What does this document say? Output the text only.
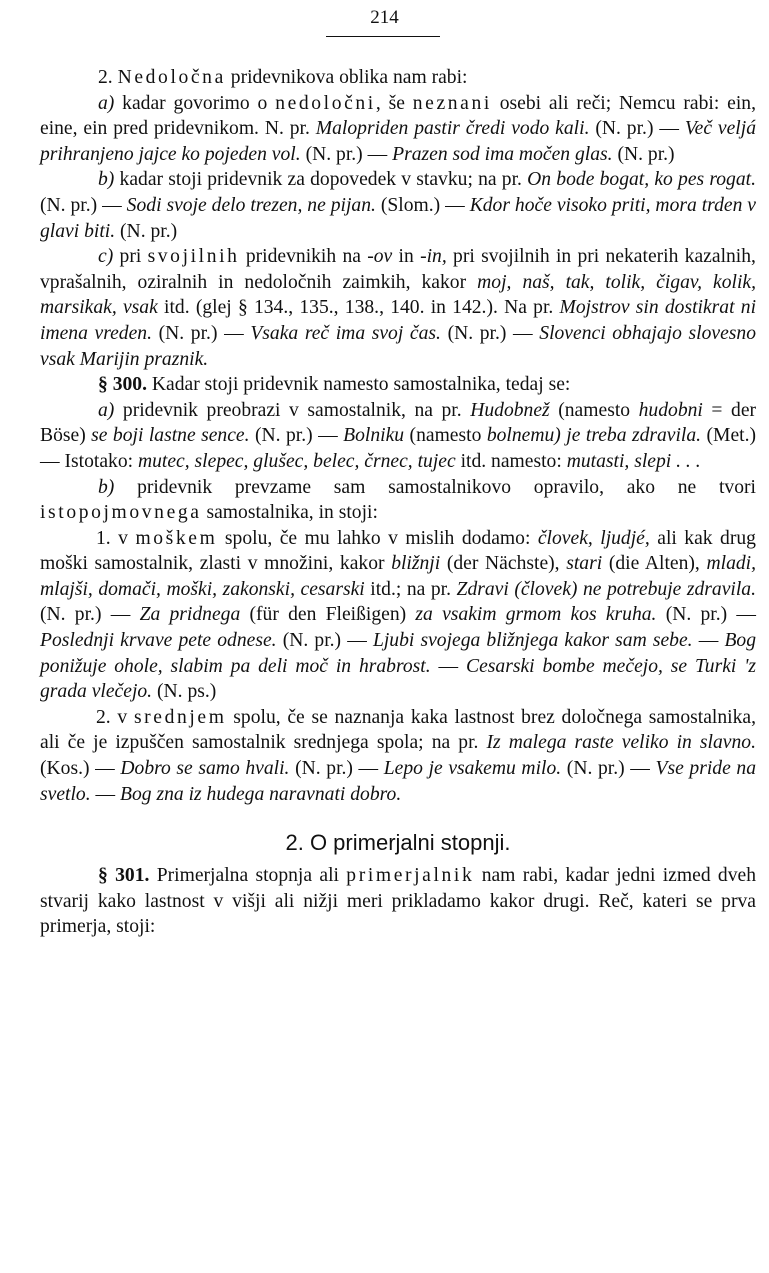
214

2. Nedoločna pridevnikova oblika nam rabi:

a) kadar govorimo o nedoločni, še neznani osebi ali reči; Nemcu rabi: ein, eine, ein pred pridevnikom. N. pr. Malopriden pastir čredi vodo kali. (N. pr.) — Več veljá prihranjeno jajce ko pojeden vol. (N. pr.) — Prazen sod ima močen glas. (N. pr.)

b) kadar stoji pridevnik za dopovedek v stavku; na pr. On bode bogat, ko pes rogat. (N. pr.) — Sodi svoje delo trezen, ne pijan. (Slom.) — Kdor hoče visoko priti, mora trden v glavi biti. (N. pr.)

c) pri svojilnih pridevnikih na -ov in -in, pri svojilnih in pri nekaterih kazalnih, vprašalnih, oziralnih in nedoločnih zaimkih, kakor moj, naš, tak, tolik, čigav, kolik, marsikak, vsak itd. (glej § 134., 135., 138., 140. in 142.). Na pr. Mojstrov sin dostikrat ni imena vreden. (N. pr.) — Vsaka reč ima svoj čas. (N. pr.) — Slovenci obhajajo slovesno vsak Marijin praznik.

§ 300. Kadar stoji pridevnik namesto samostalnika, tedaj se:

a) pridevnik preobrazi v samostalnik, na pr. Hudobnež (namesto hudobni = der Böse) se boji lastne sence. (N. pr.) — Bolniku (namesto bolnemu) je treba zdravila. (Met.) — Istotako: mutec, slepec, glušec, belec, črnec, tujec itd. namesto: mutasti, slepi . . .

b) pridevnik prevzame sam samostalnikovo opravilo, ako ne tvori istopojmovnega samostalnika, in stoji:

1. v moškem spolu, če mu lahko v mislih dodamo: človek, ljudjé, ali kak drug moški samostalnik, zlasti v množini, kakor bližnji (der Nächste), stari (die Alten), mladi, mlajši, domači, moški, zakonski, cesarski itd.; na pr. Zdravi (človek) ne potrebuje zdravila. (N. pr.) — Za pridnega (für den Fleißigen) za vsakim grmom kos kruha. (N. pr.) — Poslednji krvave pete odnese. (N. pr.) — Ljubi svojega bližnjega kakor sam sebe. — Bog ponižuje ohole, slabim pa deli moč in hrabrost. — Cesarski bombe mečejo, se Turki 'z grada vlečejo. (N. ps.)

2. v srednjem spolu, če se naznanja kaka lastnost brez določnega samostalnika, ali če je izpuščen samostalnik srednjega spola; na pr. Iz malega raste veliko in slavno. (Kos.) — Dobro se samo hvali. (N. pr.) — Lepo je vsakemu milo. (N. pr.) — Vse pride na svetlo. — Bog zna iz hudega naravnati dobro.

2. O primerjalni stopnji.

§ 301. Primerjalna stopnja ali primerjalnik nam rabi, kadar jedni izmed dveh stvarij kako lastnost v višji ali nižji meri prikladamo kakor drugi. Reč, kateri se prva primerja, stoji:
